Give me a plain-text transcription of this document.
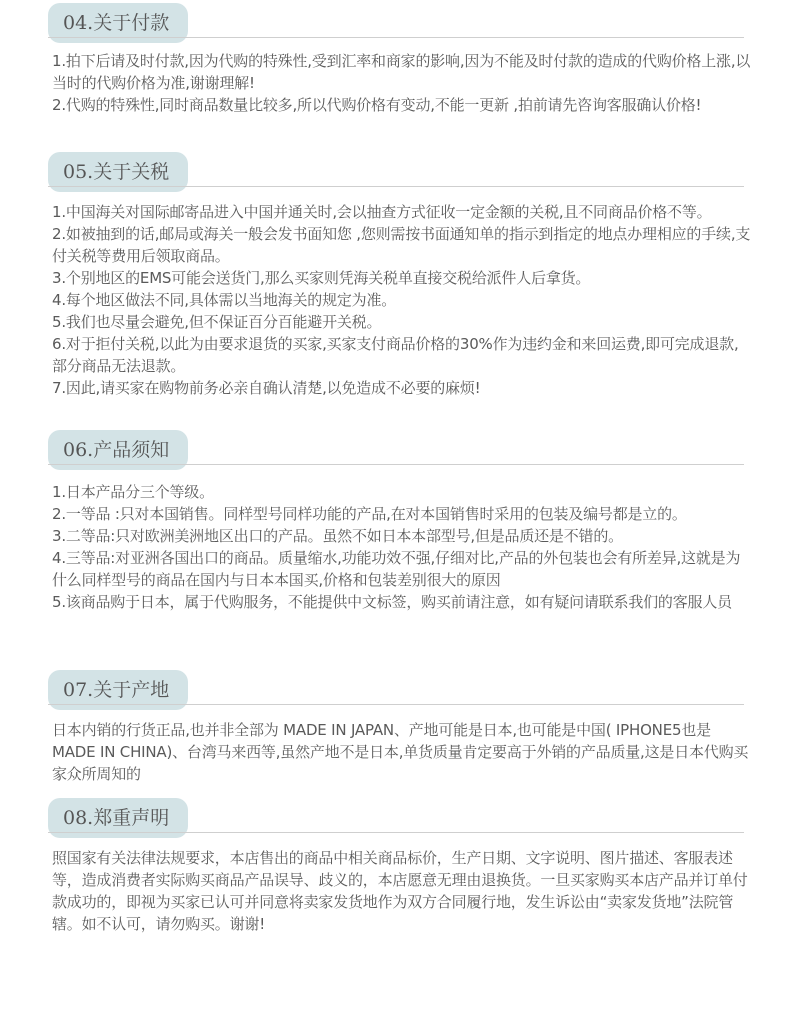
04.关于付款

1.拍下后请及时付款,因为代购的特殊性,受到汇率和商家的影响,因为不能及时付款的造成的代购价格上涨,以当时的代购价格为准,谢谢理解!

2.代购的特殊性,同时商品数量比较多,所以代购价格有变动,不能一更新 ,拍前请先咨询客服确认价格!

05.关于关税

1.中国海关对国际邮寄品进入中国并通关时,会以抽查方式征收一定金额的关税,且不同商品价格不等。

2.如被抽到的话,邮局或海关一般会发书面知您 ,您则需按书面通知单的指示到指定的地点办理相应的手续,支付关税等费用后领取商品。

3.个别地区的EMS可能会送货门,那么买家则凭海关税单直接交税给派件人后拿货。

4.每个地区做法不同,具体需以当地海关的规定为准。

5.我们也尽量会避免,但不保证百分百能避开关税。

6.对于拒付关税,以此为由要求退货的买家,买家支付商品价格的30%作为违约金和来回运费,即可完成退款,部分商品无法退款。

7.因此,请买家在购物前务必亲自确认清楚,以免造成不必要的麻烦!

06.产品须知

1.日本产品分三个等级。

2.一等品 :只对本国销售。同样型号同样功能的产品,在对本国销售时采用的包装及编号都是立的。

3.二等品:只对欧洲美洲地区出口的产品。虽然不如日本本部型号,但是品质还是不错的。

4.三等品:对亚洲各国出口的商品。质量缩水,功能功效不强,仔细对比,产品的外包装也会有所差异,这就是为什么同样型号的商品在国内与日本本国买,价格和包装差别很大的原因

5.该商品购于日本，属于代购服务，不能提供中文标签，购买前请注意，如有疑问请联系我们的客服人员

07.关于产地

日本内销的行货正品,也并非全部为 MADE IN JAPAN、产地可能是日本,也可能是中国( IPHONE5也是 MADE IN CHINA)、台湾马来西等,虽然产地不是日本,单货质量肯定要高于外销的产品质量,这是日本代购买家众所周知的

08.郑重声明

照国家有关法律法规要求，本店售出的商品中相关商品标价，生产日期、文字说明、图片描述、客服表述等，造成消费者实际购买商品产品误导、歧义的，本店愿意无理由退换货。一旦买家购买本店产品并订单付款成功的，即视为买家已认可并同意将卖家发货地作为双方合同履行地，发生诉讼由“卖家发货地”法院管辖。如不认可，请勿购买。谢谢!
